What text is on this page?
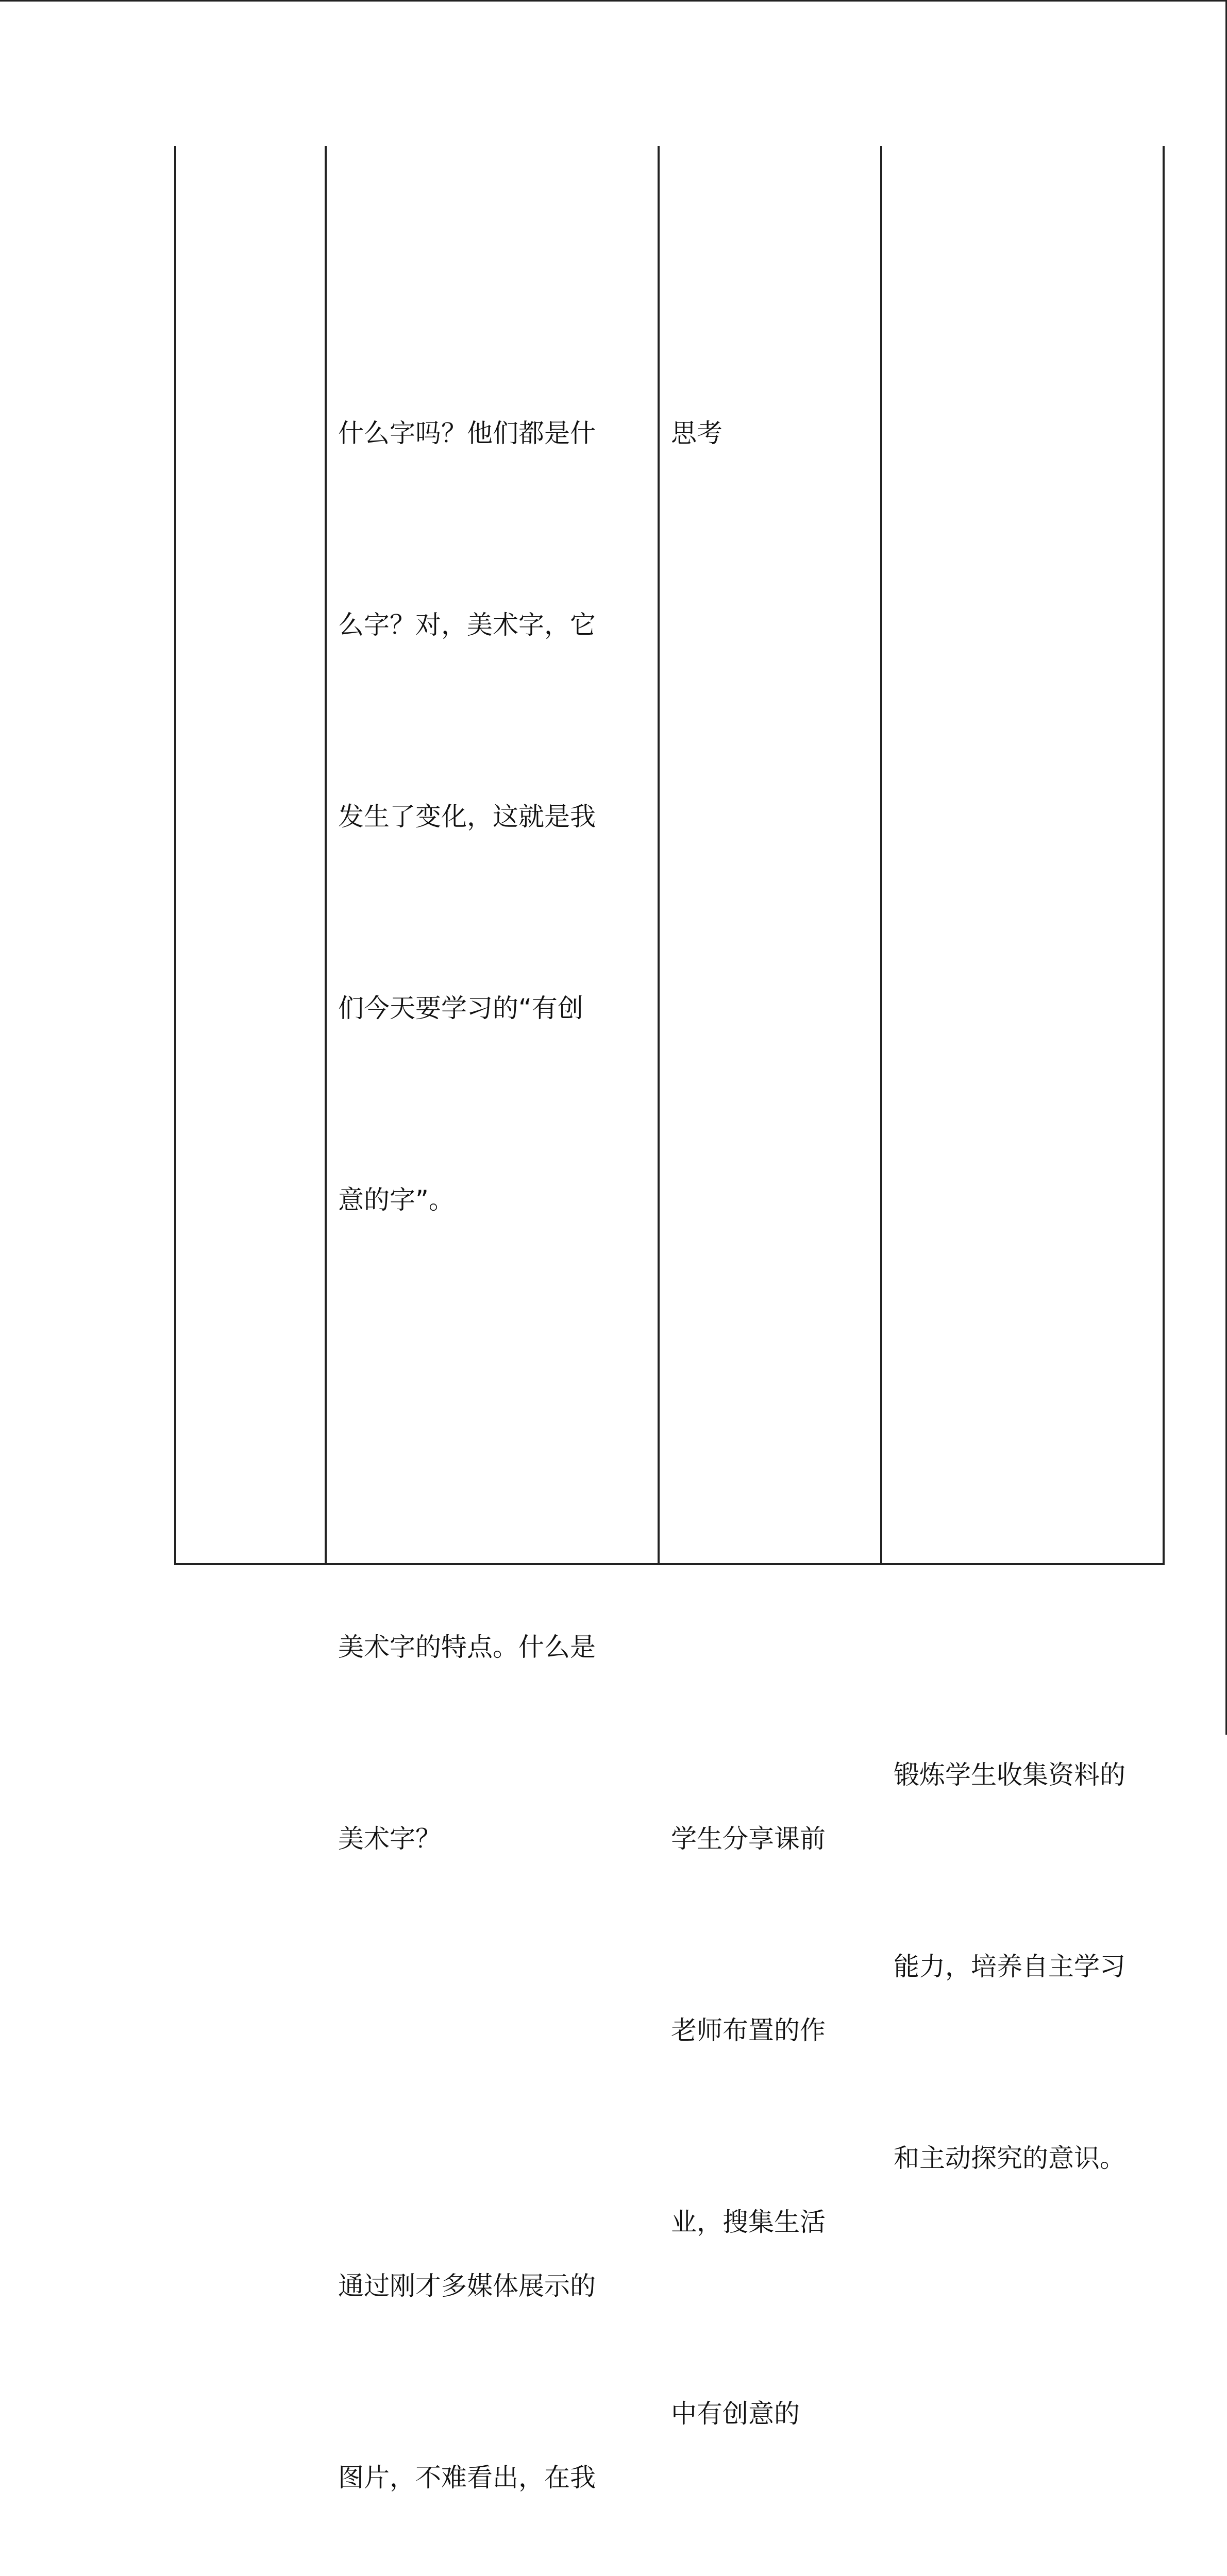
什么字吗？他们都是什

么字？对，美术字，它

发生了变化，这就是我

们今天要学习的“有创

意的字”。

美术字的特点。什么是

美术字？

通过刚才多媒体展示的

图片，不难看出，在我

思考

学生分享课前

老师布置的作

业，搜集生活

中有创意的

锻炼学生收集资料的

能力，培养自主学习

和主动探究的意识。
